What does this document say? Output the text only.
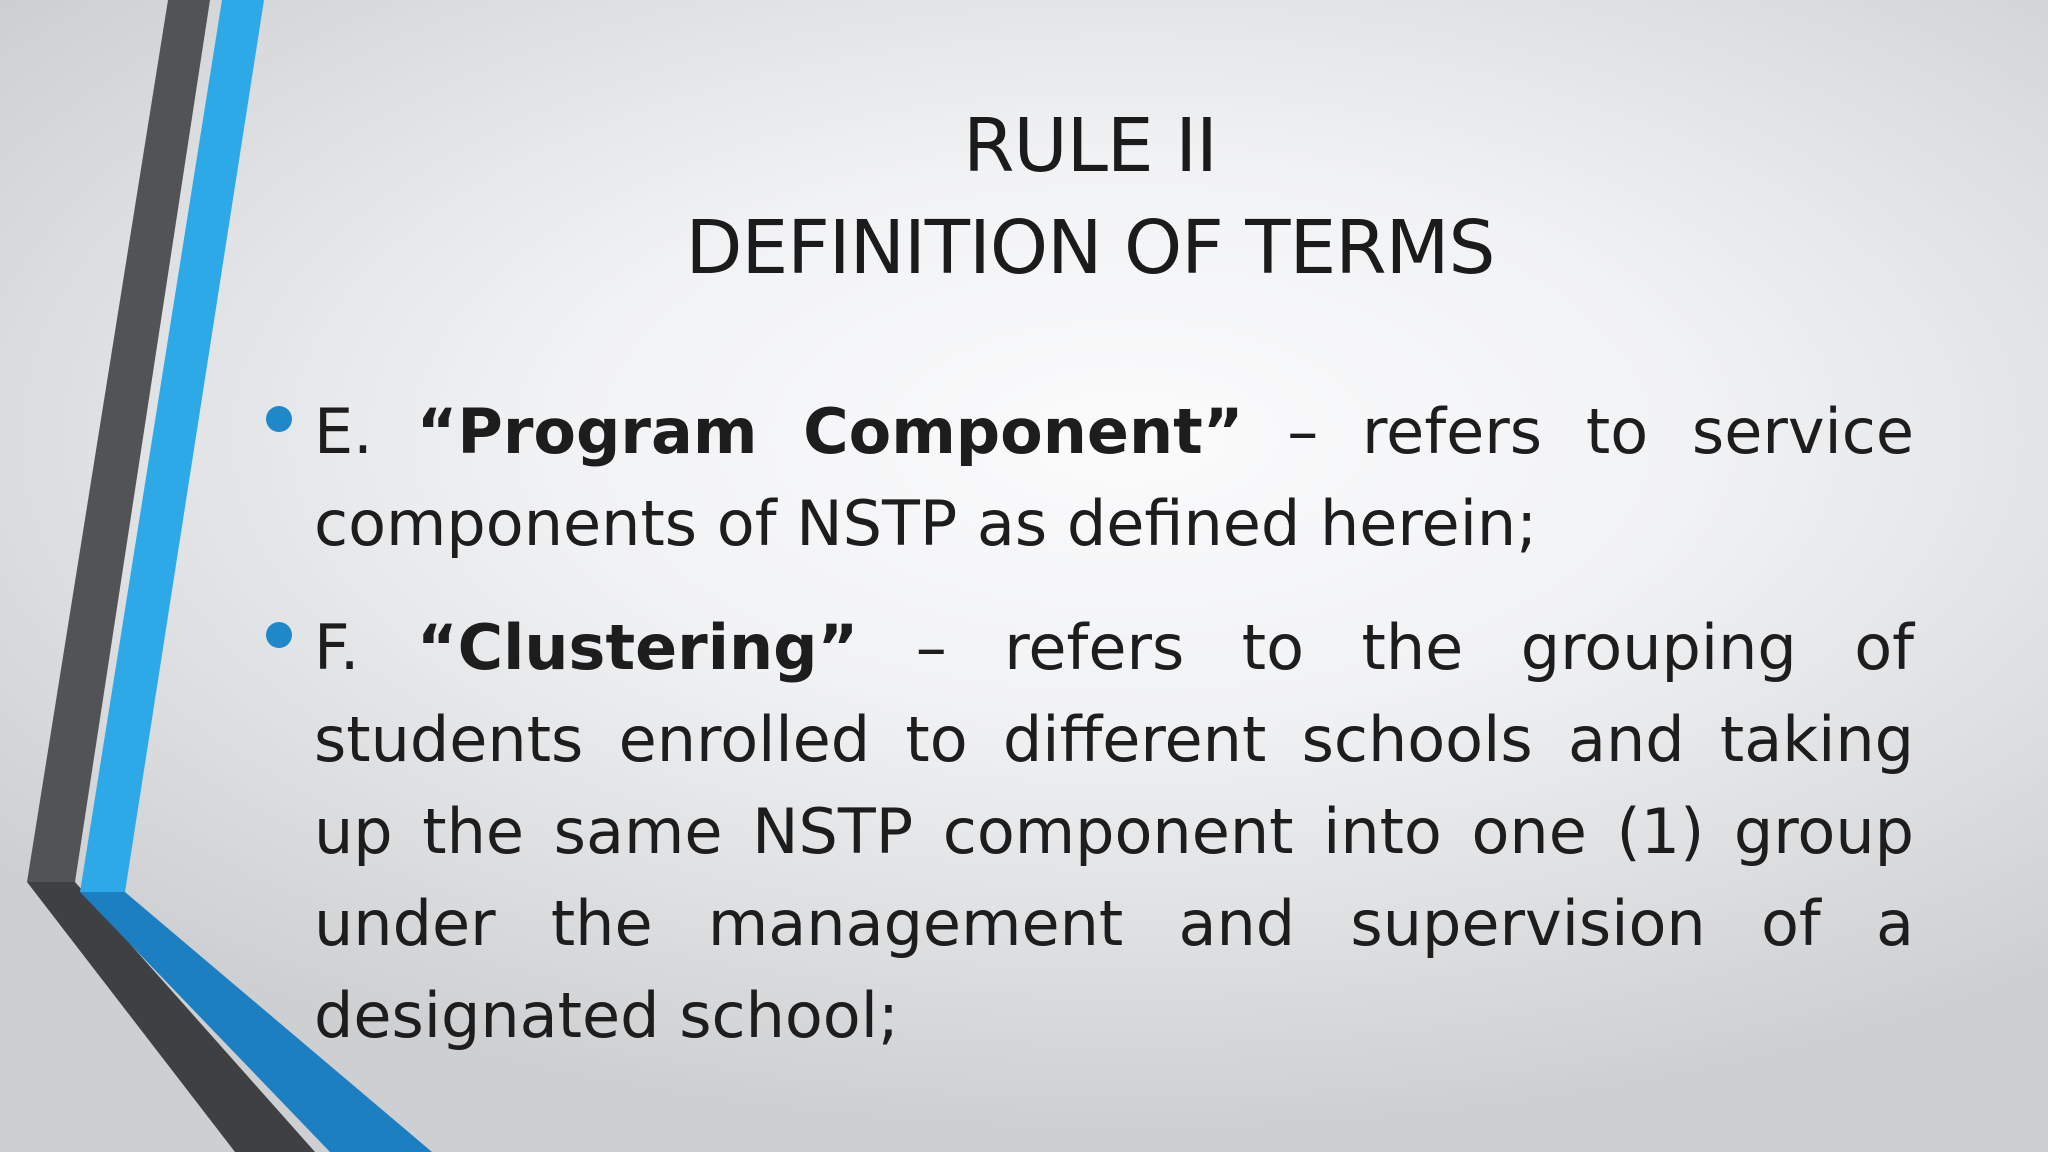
RULE II
DEFINITION OF TERMS
E. “Program Component” – refers to service components of NSTP as defined herein;
F. “Clustering” – refers to the grouping of students enrolled to different schools and taking up the same NSTP component into one (1) group under the management and supervision of a designated school;
